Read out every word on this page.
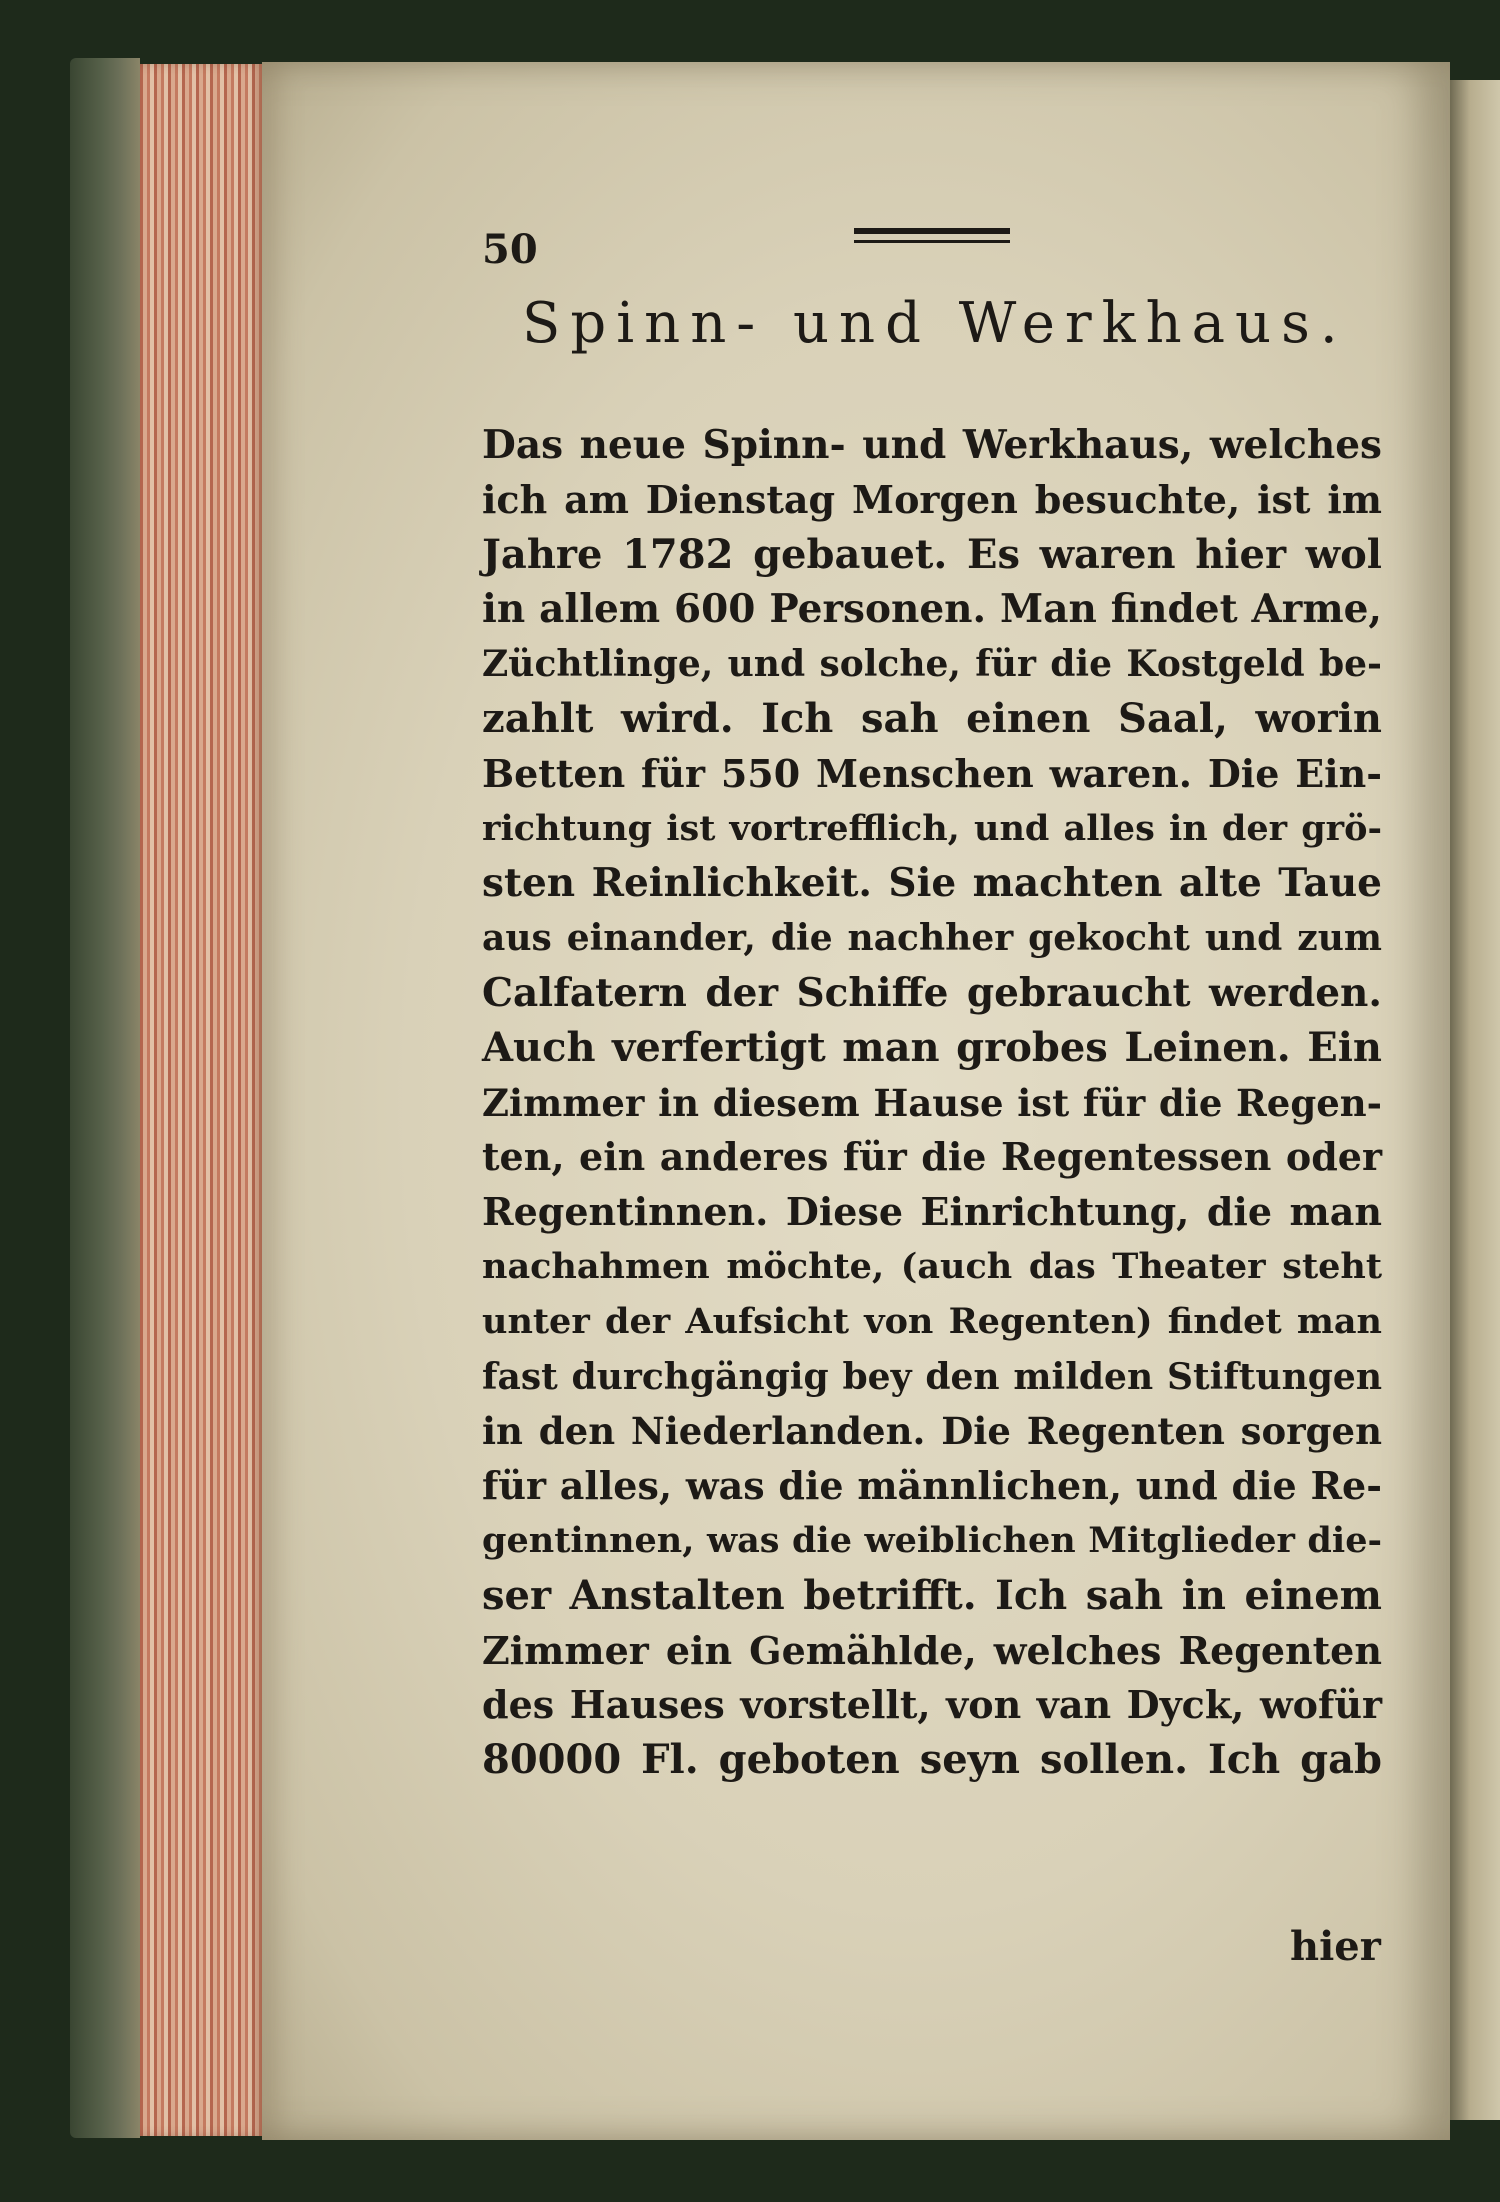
50
Spinn- und Werkhaus.
Das neue Spinn- und Werkhaus, welches
ich am Dienstag Morgen besuchte, ist im
Jahre 1782 gebauet. Es waren hier wol
in allem 600 Personen. Man findet Arme,
Züchtlinge, und solche, für die Kostgeld be-
zahlt wird. Ich sah einen Saal, worin
Betten für 550 Menschen waren. Die Ein-
richtung ist vortrefflich, und alles in der grö-
sten Reinlichkeit. Sie machten alte Taue
aus einander, die nachher gekocht und zum
Calfatern der Schiffe gebraucht werden.
Auch verfertigt man grobes Leinen. Ein
Zimmer in diesem Hause ist für die Regen-
ten, ein anderes für die Regentessen oder
Regentinnen. Diese Einrichtung, die man
nachahmen möchte, (auch das Theater steht
unter der Aufsicht von Regenten) findet man
fast durchgängig bey den milden Stiftungen
in den Niederlanden. Die Regenten sorgen
für alles, was die männlichen, und die Re-
gentinnen, was die weiblichen Mitglieder die-
ser Anstalten betrifft. Ich sah in einem
Zimmer ein Gemählde, welches Regenten
des Hauses vorstellt, von van Dyck, wofür
80000 Fl. geboten seyn sollen. Ich gab
hier
